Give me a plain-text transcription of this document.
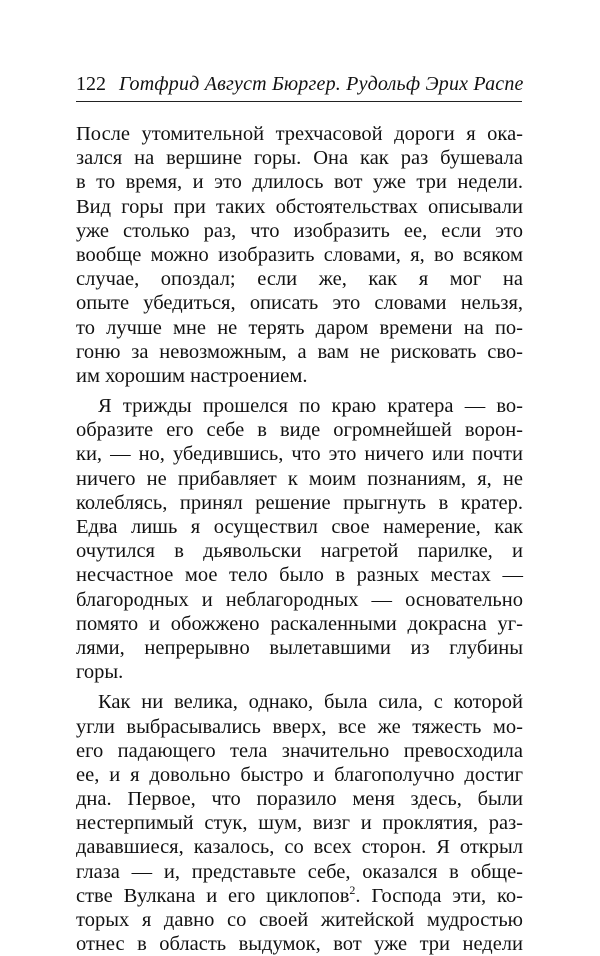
122 Готфрид Август Бюргер. Рудольф Эрих Распе
После утомительной трехчасовой дороги я ока-
зался на вершине горы. Она как раз бушевала
в то время, и это длилось вот уже три недели.
Вид горы при таких обстоятельствах описывали
уже столько раз, что изобразить ее, если это
вообще можно изобразить словами, я, во всяком
случае, опоздал; если же, как я мог на
опыте убедиться, описать это словами нельзя,
то лучше мне не терять даром времени на по-
гоню за невозможным, а вам не рисковать сво-
им хорошим настроением.
Я трижды прошелся по краю кратера — во-
образите его себе в виде огромнейшей ворон-
ки, — но, убедившись, что это ничего или почти
ничего не прибавляет к моим познаниям, я, не
колеблясь, принял решение прыгнуть в кратер.
Едва лишь я осуществил свое намерение, как
очутился в дьявольски нагретой парилке, и
несчастное мое тело было в разных местах —
благородных и неблагородных — основательно
помято и обожжено раскаленными докрасна уг-
лями, непрерывно вылетавшими из глубины
горы.
Как ни велика, однако, была сила, с которой
угли выбрасывались вверх, все же тяжесть мо-
его падающего тела значительно превосходила
ее, и я довольно быстро и благополучно достиг
дна. Первое, что поразило меня здесь, были
нестерпимый стук, шум, визг и проклятия, раз-
дававшиеся, казалось, со всех сторон. Я открыл
глаза — и, представьте себе, оказался в обще-
стве Вулкана и его циклопов$^2$. Господа эти, ко-
торых я давно со своей житейской мудростью
отнес в область выдумок, вот уже три недели
